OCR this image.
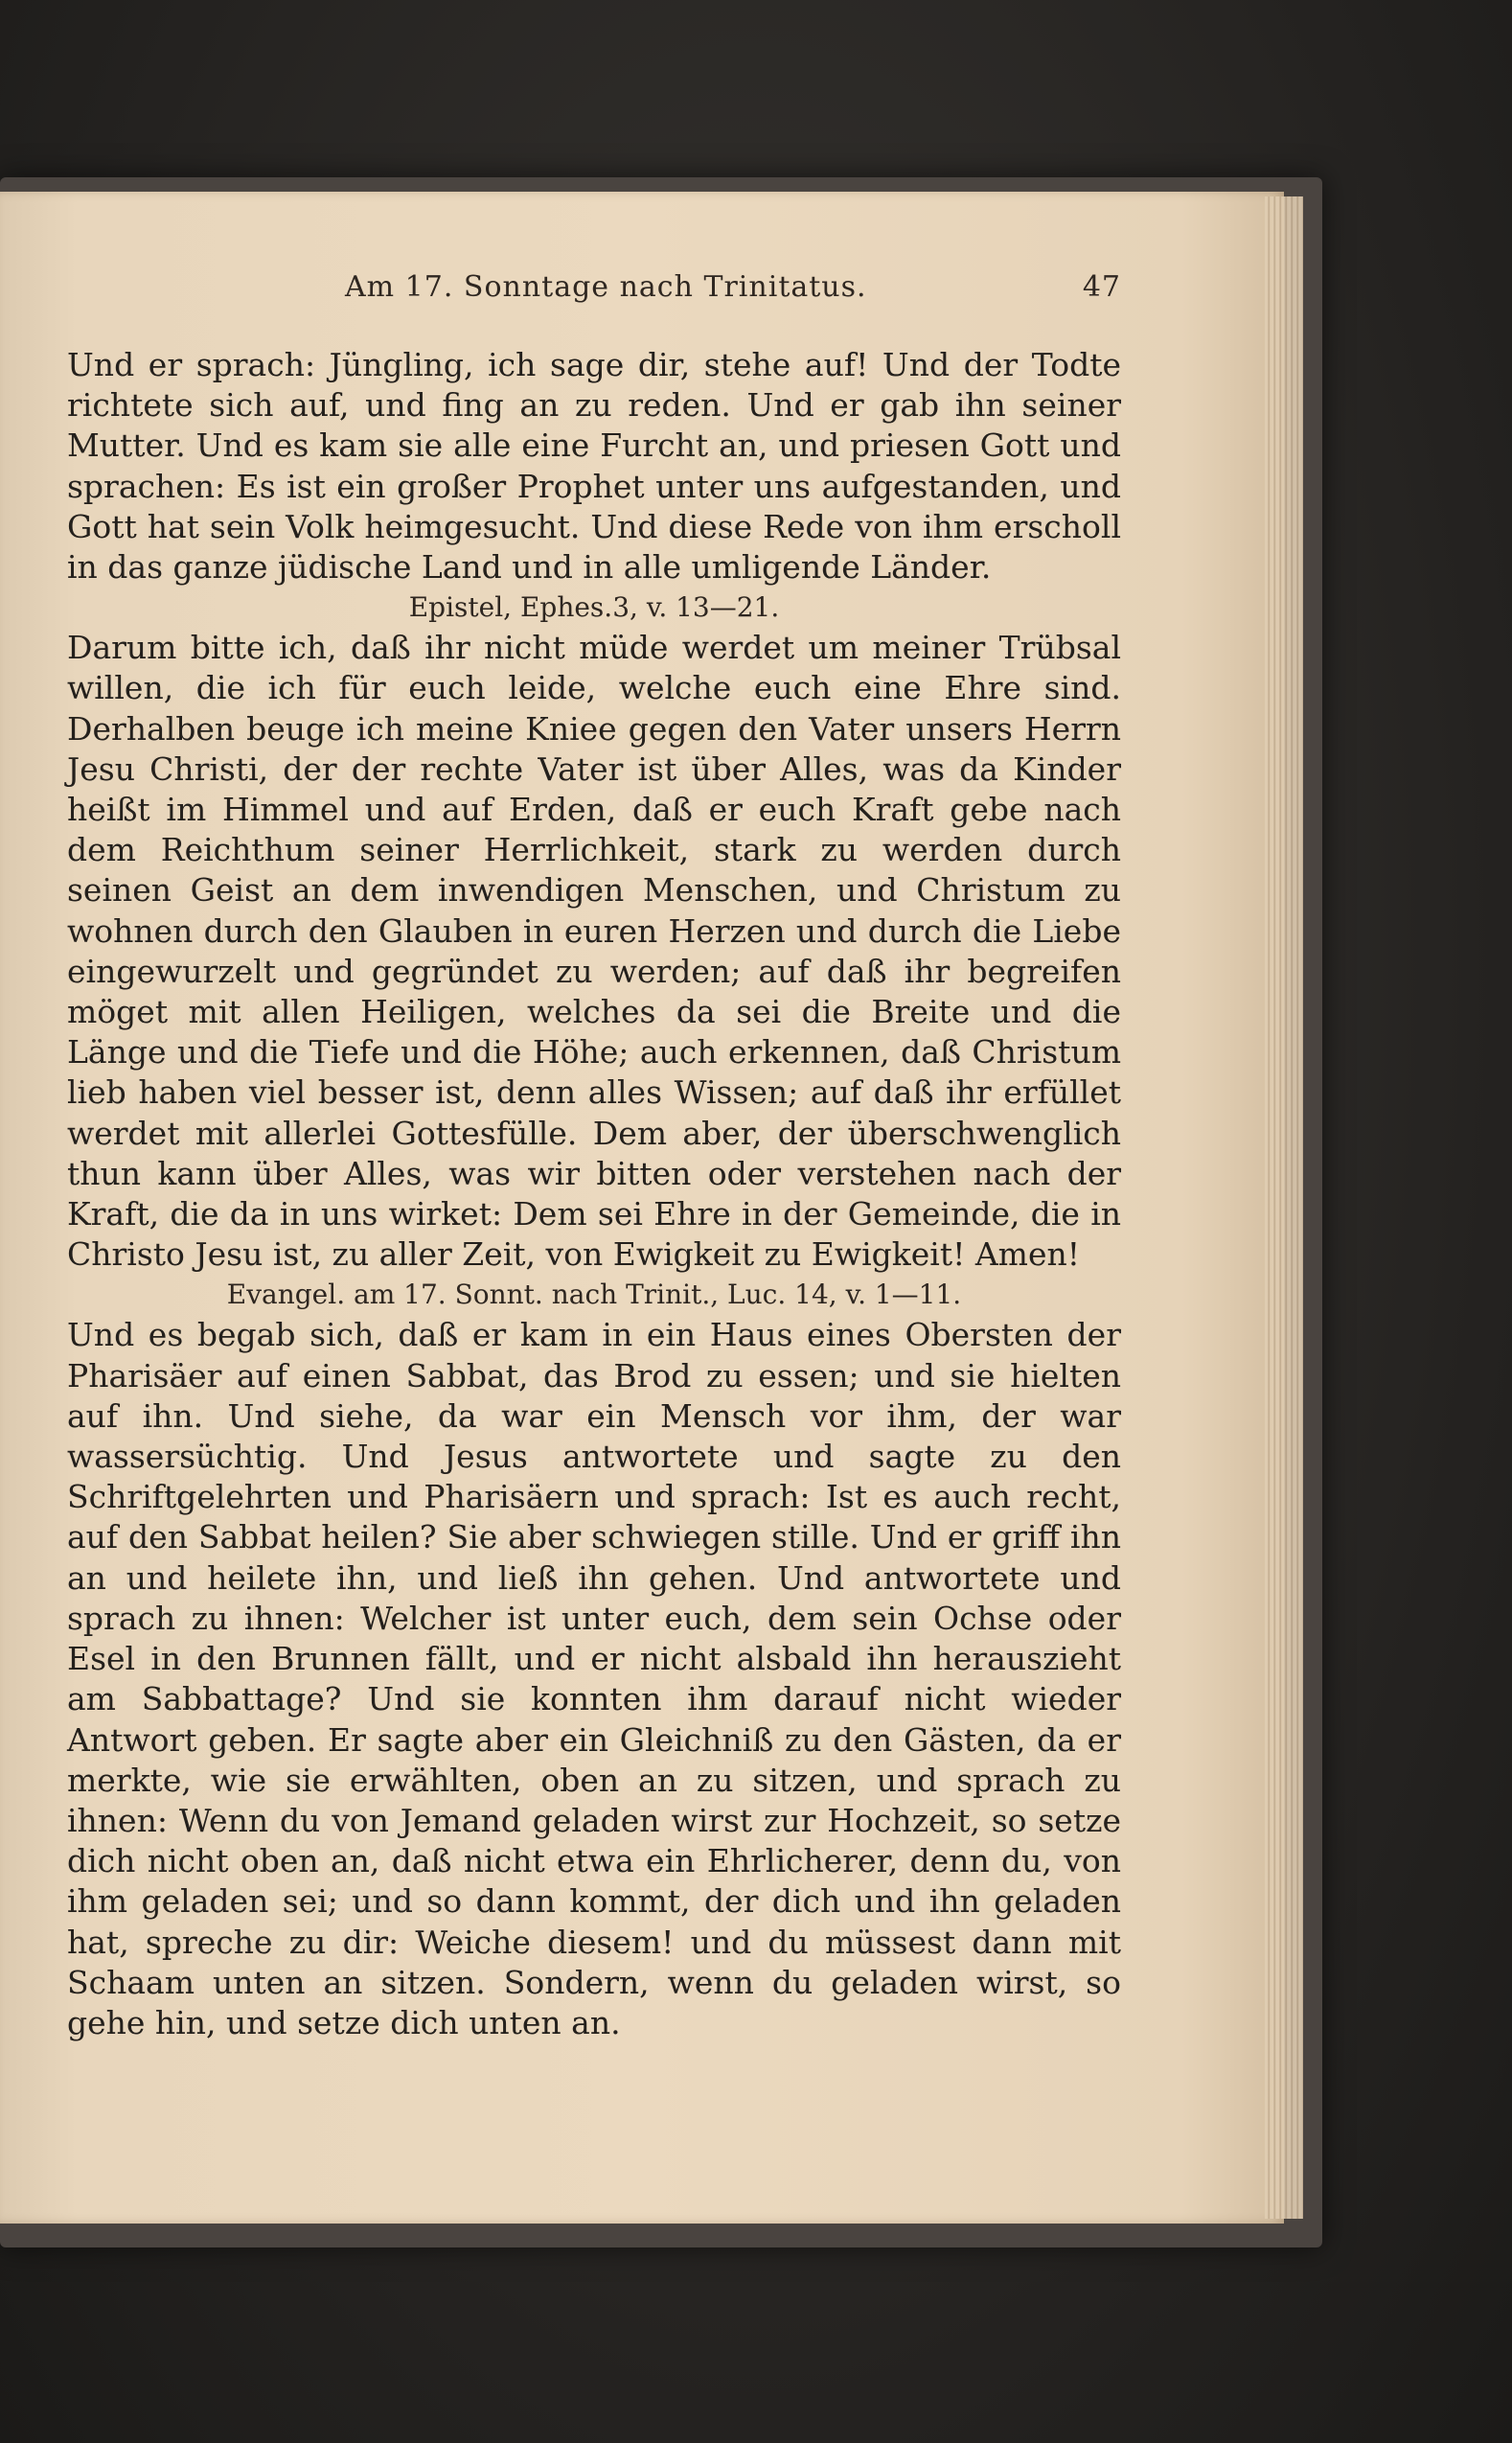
Am 17. Sonntage nach Trinitatus.	47

Und er sprach: Jüngling, ich sage dir, stehe auf! Und der Todte richtete sich auf, und fing an zu reden. Und er gab ihn seiner Mutter. Und es kam sie alle eine Furcht an, und priesen Gott und sprachen: Es ist ein großer Prophet unter uns aufgestanden, und Gott hat sein Volk heimgesucht. Und diese Rede von ihm erscholl in das ganze jüdische Land und in alle umligende Länder.

Epistel, Ephes.3, v. 13—21.

Darum bitte ich, daß ihr nicht müde werdet um meiner Trübsal willen, die ich für euch leide, welche euch eine Ehre sind. Derhalben beuge ich meine Kniee gegen den Vater unsers Herrn Jesu Christi, der der rechte Vater ist über Alles, was da Kinder heißt im Himmel und auf Erden, daß er euch Kraft gebe nach dem Reichthum seiner Herrlichkeit, stark zu werden durch seinen Geist an dem inwendigen Menschen, und Christum zu wohnen durch den Glauben in euren Herzen und durch die Liebe eingewurzelt und gegründet zu werden; auf daß ihr begreifen möget mit allen Heiligen, welches da sei die Breite und die Länge und die Tiefe und die Höhe; auch erkennen, daß Christum lieb haben viel besser ist, denn alles Wissen; auf daß ihr erfüllet werdet mit allerlei Gottesfülle. Dem aber, der überschwenglich thun kann über Alles, was wir bitten oder verstehen nach der Kraft, die da in uns wirket: Dem sei Ehre in der Gemeinde, die in Christo Jesu ist, zu aller Zeit, von Ewigkeit zu Ewigkeit! Amen!

Evangel. am 17. Sonnt. nach Trinit., Luc. 14, v. 1—11.

Und es begab sich, daß er kam in ein Haus eines Obersten der Pharisäer auf einen Sabbat, das Brod zu essen; und sie hielten auf ihn. Und siehe, da war ein Mensch vor ihm, der war wassersüchtig. Und Jesus antwortete und sagte zu den Schriftgelehrten und Pharisäern und sprach: Ist es auch recht, auf den Sabbat heilen? Sie aber schwiegen stille. Und er griff ihn an und heilete ihn, und ließ ihn gehen. Und antwortete und sprach zu ihnen: Welcher ist unter euch, dem sein Ochse oder Esel in den Brunnen fällt, und er nicht alsbald ihn herauszieht am Sabbattage? Und sie konnten ihm darauf nicht wieder Antwort geben. Er sagte aber ein Gleichniß zu den Gästen, da er merkte, wie sie erwählten, oben an zu sitzen, und sprach zu ihnen: Wenn du von Jemand geladen wirst zur Hochzeit, so setze dich nicht oben an, daß nicht etwa ein Ehrlicherer, denn du, von ihm geladen sei; und so dann kommt, der dich und ihn geladen hat, spreche zu dir: Weiche diesem! und du müssest dann mit Schaam unten an sitzen. Sondern, wenn du geladen wirst, so gehe hin, und setze dich unten an.
